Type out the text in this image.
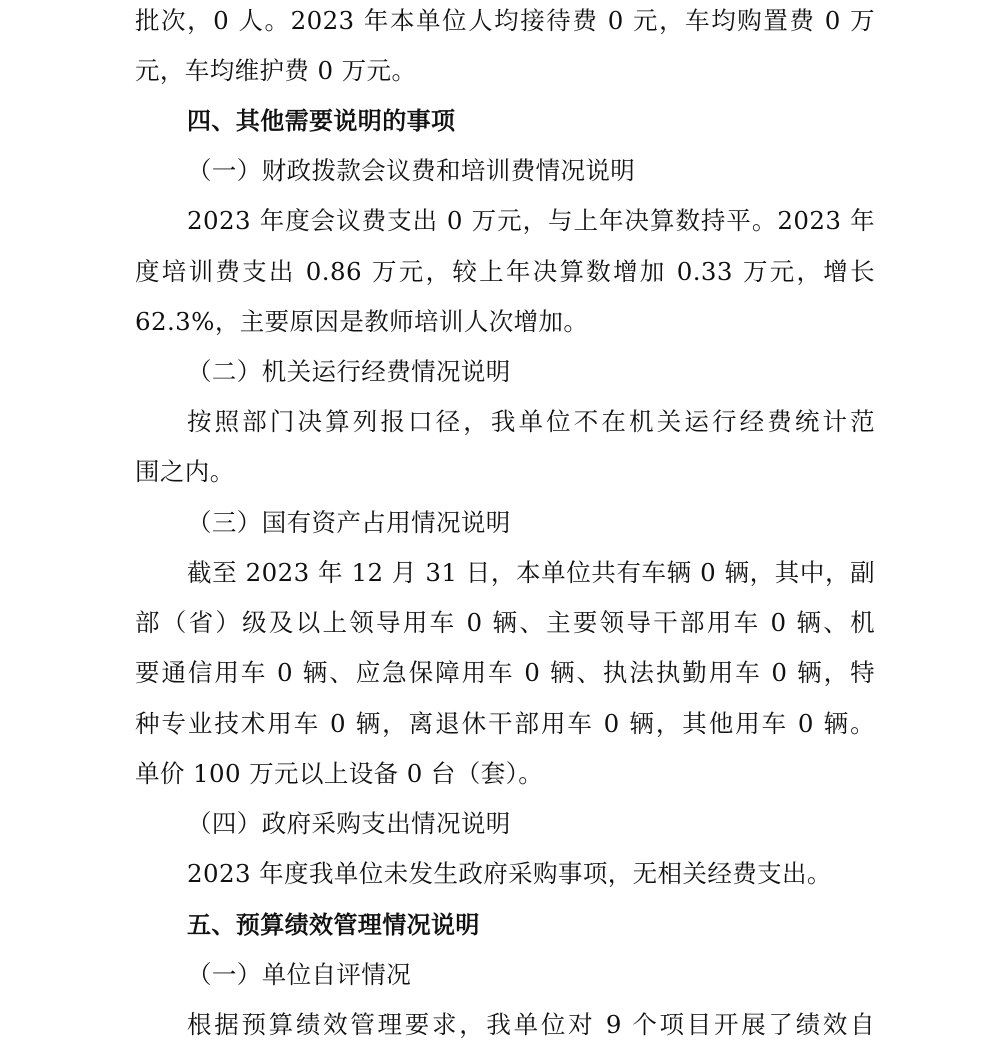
批次，0 人。2023 年本单位人均接待费 0 元，车均购置费 0 万
元，车均维护费 0 万元。
四、其他需要说明的事项
（一）财政拨款会议费和培训费情况说明
2023 年度会议费支出 0 万元，与上年决算数持平。2023 年
度培训费支出 0.86 万元，较上年决算数增加 0.33 万元，增长
62.3%，主要原因是教师培训人次增加。
（二）机关运行经费情况说明
按照部门决算列报口径，我单位不在机关运行经费统计范
围之内。
（三）国有资产占用情况说明
截至 2023 年 12 月 31 日，本单位共有车辆 0 辆，其中，副
部（省）级及以上领导用车 0 辆、主要领导干部用车 0 辆、机
要通信用车 0 辆、应急保障用车 0 辆、执法执勤用车 0 辆，特
种专业技术用车 0 辆，离退休干部用车 0 辆，其他用车 0 辆。
单价 100 万元以上设备 0 台（套）。
（四）政府采购支出情况说明
2023 年度我单位未发生政府采购事项，无相关经费支出。
五、预算绩效管理情况说明
（一）单位自评情况
根据预算绩效管理要求，我单位对 9 个项目开展了绩效自
